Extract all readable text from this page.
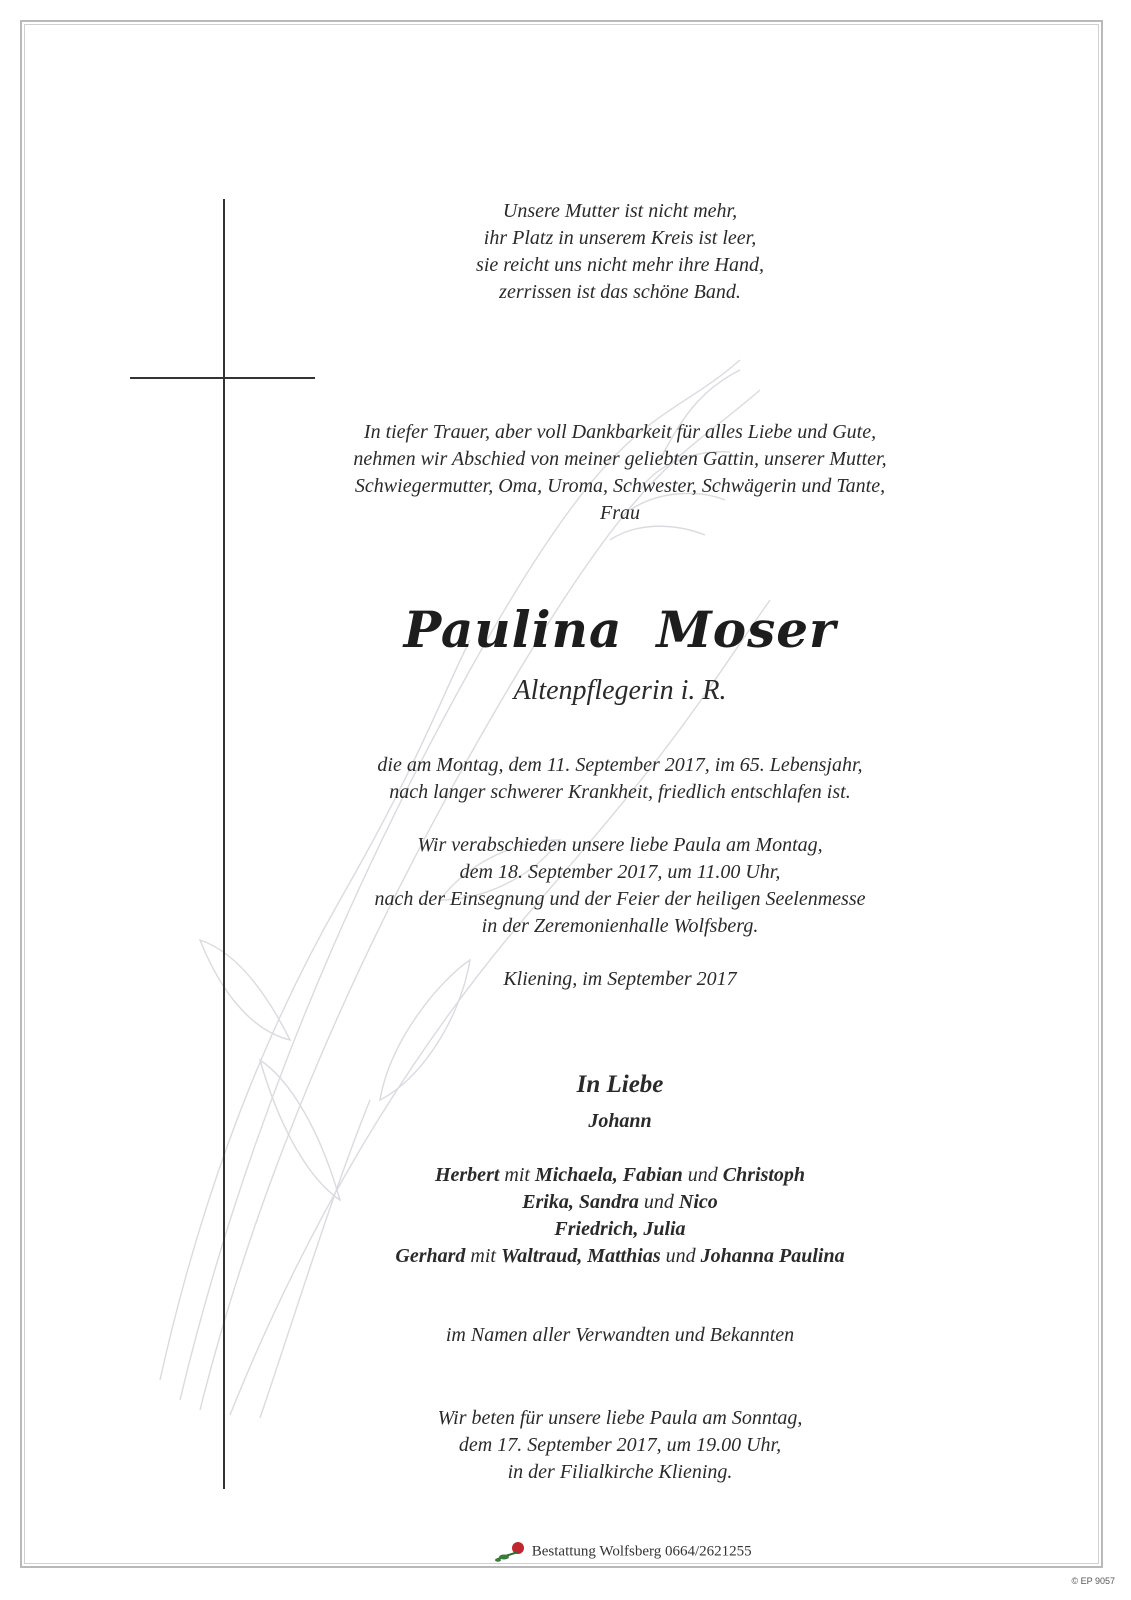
Unsere Mutter ist nicht mehr,
ihr Platz in unserem Kreis ist leer,
sie reicht uns nicht mehr ihre Hand,
zerrissen ist das schöne Band.
In tiefer Trauer, aber voll Dankbarkeit für alles Liebe und Gute,
nehmen wir Abschied von meiner geliebten Gattin, unserer Mutter,
Schwiegermutter, Oma, Uroma, Schwester, Schwägerin und Tante,
Frau
Paulina Moser
Altenpflegerin i. R.
die am Montag, dem 11. September 2017, im 65. Lebensjahr,
nach langer schwerer Krankheit, friedlich entschlafen ist.
Wir verabschieden unsere liebe Paula am Montag,
dem 18. September 2017, um 11.00 Uhr,
nach der Einsegnung und der Feier der heiligen Seelenmesse
in der Zeremonienhalle Wolfsberg.
Kliening, im September 2017
In Liebe
Johann
Herbert mit Michaela, Fabian und Christoph
Erika, Sandra und Nico
Friedrich, Julia
Gerhard mit Waltraud, Matthias und Johanna Paulina
im Namen aller Verwandten und Bekannten
Wir beten für unsere liebe Paula am Sonntag,
dem 17. September 2017, um 19.00 Uhr,
in der Filialkirche Kliening.
Bestattung Wolfsberg 0664/2621255
© EP 9057
